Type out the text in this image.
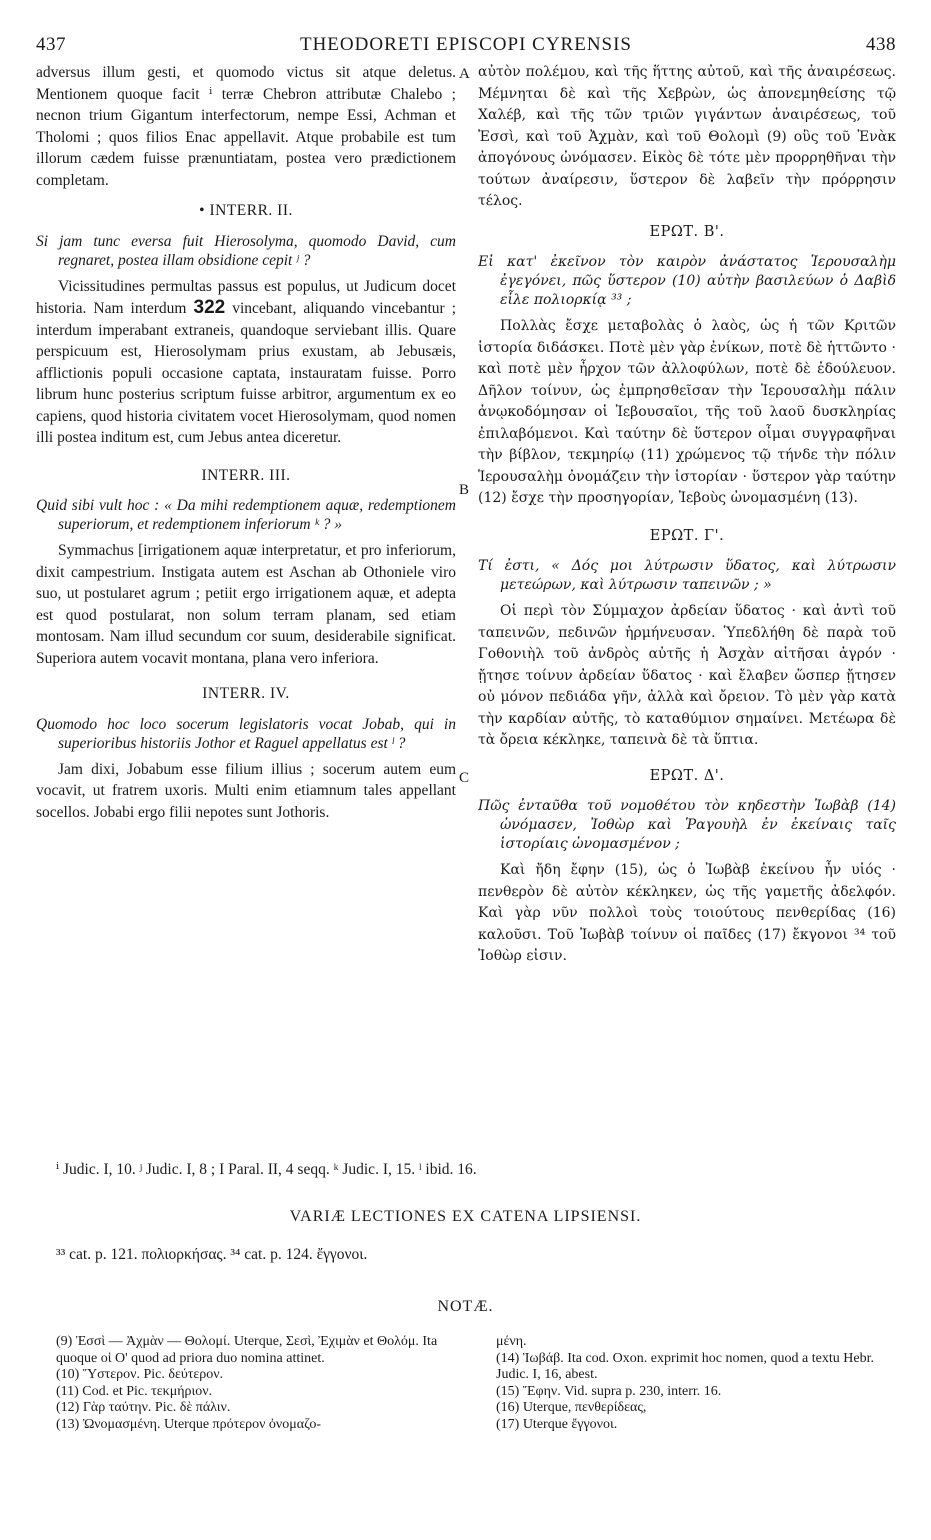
437	THEODORETI EPISCOPI CYRENSIS	438
A
B
C

adversus illum gesti, et quomodo victus sit atque deletus. Mentionem quoque facit ⁱ terræ Chebron attributæ Chalebo ; necnon trium Gigantum interfectorum, nempe Essi, Achman et Tholomi ; quos filios Enac appellavit. Atque probabile est tum illorum cædem fuisse prænuntiatam, postea vero prædictionem completam.

• INTERR. II.

Si jam tunc eversa fuit Hierosolyma, quomodo David, cum regnaret, postea illam obsidione cepit ʲ ?

Vicissitudines permultas passus est populus, ut Judicum docet historia. Nam interdum 322 vincebant, aliquando vincebantur ; interdum imperabant extraneis, quandoque serviebant illis. Quare perspicuum est, Hierosolymam prius exustam, ab Jebusæis, afflictionis populi occasione captata, instauratam fuisse. Porro librum hunc posterius scriptum fuisse arbitror, argumentum ex eo capiens, quod historia civitatem vocet Hierosolymam, quod nomen illi postea inditum est, cum Jebus antea diceretur.

INTERR. III.

Quid sibi vult hoc : « Da mihi redemptionem aquæ, redemptionem superiorum, et redemptionem inferiorum ᵏ ? »

Symmachus [irrigationem aquæ interpretatur, et pro inferiorum, dixit campestrium. Instigata autem est Aschan ab Othoniele viro suo, ut postularet agrum ; petiit ergo irrigationem aquæ, et adepta est quod postularat, non solum terram planam, sed etiam montosam. Nam illud secundum cor suum, desiderabile significat. Superiora autem vocavit montana, plana vero inferiora.

INTERR. IV.

Quomodo hoc loco socerum legislatoris vocat Jobab, qui in superioribus historiis Jothor et Raguel appellatus est ˡ ?

Jam dixi, Jobabum esse filium illius ; socerum autem eum vocavit, ut fratrem uxoris. Multi enim etiamnum tales appellant socellos. Jobabi ergo filii nepotes sunt Jothoris.

αὐτὸν πολέμου, καὶ τῆς ἥττης αὐτοῦ, καὶ τῆς ἀναιρέσεως. Μέμνηται δὲ καὶ τῆς Χεβρὼν, ὡς ἀπονεμηθείσης τῷ Χαλέβ, καὶ τῆς τῶν τριῶν γιγάντων ἀναιρέσεως, τοῦ Ἐσσὶ, καὶ τοῦ Ἀχμὰν, καὶ τοῦ Θολομὶ (9) οὓς τοῦ Ἐνὰκ ἀπογόνους ὠνόμασεν. Εἰκὸς δὲ τότε μὲν προρρηθῆναι τὴν τούτων ἀναίρεσιν, ὕστερον δὲ λαβεῖν τὴν πρόρρησιν τέλος.

ΕΡΩΤ. Β'.

Εἰ κατ' ἐκεῖνον τὸν καιρὸν ἀνάστατος Ἱερουσαλὴμ ἐγεγόνει, πῶς ὕστερον (10) αὐτὴν βασιλεύων ὁ Δαβὶδ εἷλε πολιορκίᾳ ³³ ;

Πολλὰς ἔσχε μεταβολὰς ὁ λαὸς, ὡς ἡ τῶν Κριτῶν ἱστορία διδάσκει. Ποτὲ μὲν γὰρ ἐνίκων, ποτὲ δὲ ἡττῶντο · καὶ ποτὲ μὲν ἦρχον τῶν ἀλλοφύλων, ποτὲ δὲ ἐδούλευον. Δῆλον τοίνυν, ὡς ἐμπρησθεῖσαν τὴν Ἱερουσαλὴμ πάλιν ἀνῳκοδόμησαν οἱ Ἰεβουσαῖοι, τῆς τοῦ λαοῦ δυσκληρίας ἐπιλαβόμενοι. Καὶ ταύτην δὲ ὕστερον οἶμαι συγγραφῆναι τὴν βίβλον, τεκμηρίῳ (11) χρώμενος τῷ τήνδε τὴν πόλιν Ἱερουσαλὴμ ὀνομάζειν τὴν ἱστορίαν · ὕστερον γὰρ ταύτην (12) ἔσχε τὴν προσηγορίαν, Ἰεβοὺς ὠνομασμένη (13).

ΕΡΩΤ. Γ'.

Τί ἐστι, « Δός μοι λύτρωσιν ὕδατος, καὶ λύτρωσιν μετεώρων, καὶ λύτρωσιν ταπεινῶν ; »

Οἱ περὶ τὸν Σύμμαχον ἀρδείαν ὕδατος · καὶ ἀντὶ τοῦ ταπεινῶν, πεδινῶν ἡρμήνευσαν. Ὑπεδλήθη δὲ παρὰ τοῦ Γοθονιὴλ τοῦ ἀνδρὸς αὐτῆς ἡ Ἀσχὰν αἰτῆσαι ἀγρόν · ᾔτησε τοίνυν ἀρδείαν ὕδατος · καὶ ἔλαβεν ὥσπερ ᾔτησεν οὐ μόνον πεδιάδα γῆν, ἀλλὰ καὶ ὄρειον. Τὸ μὲν γὰρ κατὰ τὴν καρδίαν αὐτῆς, τὸ καταθύμιον σημαίνει. Μετέωρα δὲ τὰ ὄρεια κέκληκε, ταπεινὰ δὲ τὰ ὕπτια.

ΕΡΩΤ. Δ'.

Πῶς ἐνταῦθα τοῦ νομοθέτου τὸν κηδεστὴν Ἰωβὰβ (14) ὠνόμασεν, Ἰοθὼρ καὶ Ῥαγουὴλ ἐν ἐκείναις ταῖς ἱστορίαις ὠνομασμένον ;

Καὶ ἤδη ἔφην (15), ὡς ὁ Ἰωβὰβ ἐκείνου ἦν υἱός · πενθερὸν δὲ αὐτὸν κέκληκεν, ὡς τῆς γαμετῆς ἀδελφόν. Καὶ γὰρ νῦν πολλοὶ τοὺς τοιούτους πενθερίδας (16) καλοῦσι. Τοῦ Ἰωβὰβ τοίνυν οἱ παῖδες (17) ἔκγονοι ³⁴ τοῦ Ἰοθὼρ εἰσιν.

ⁱ Judic. I, 10. ʲ Judic. I, 8 ; I Paral. II, 4 seqq. ᵏ Judic. I, 15. ˡ ibid. 16.
VARIÆ LECTIONES EX CATENA LIPSIENSI.
³³ cat. p. 121. πολιορκήσας. ³⁴ cat. p. 124. ἔγγονοι.
NOTÆ.
(9) Ἐσσὶ — Ἀχμὰν — Θολομί. Uterque, Σεσὶ, Ἐχιμὰν et Θολόμ. Ita quoque οἱ Ο' quod ad priora duo nomina attinet.
(10) Ὕστερον. Pic. δεύτερον.
(11) Cod. et Pic. τεκμήριον.
(12) Γὰρ ταύτην. Pic. δὲ πάλιν.
(13) Ὠνομασμένη. Uterque πρότερον ὀνομαζο-
μένη.
(14) Ἰωβάβ. Ita cod. Oxon. exprimit hoc nomen, quod a textu Hebr. Judic. I, 16, abest.
(15) Ἔφην. Vid. supra p. 230, interr. 16.
(16) Uterque, πενθερίδεας,
(17) Uterque ἔγγονοι.
